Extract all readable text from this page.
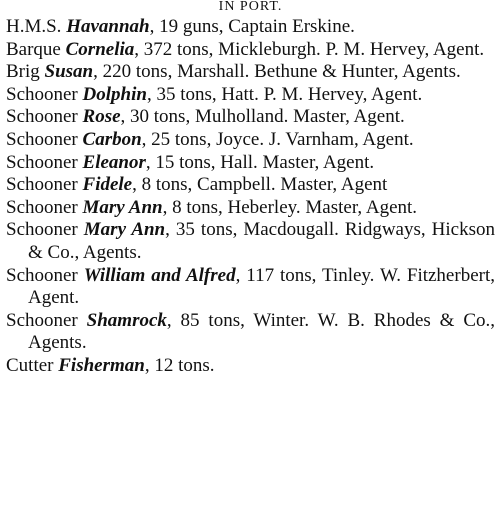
IN PORT.
H.M.S. Havannah, 19 guns, Captain Erskine.
Barque Cornelia, 372 tons, Mickleburgh. P. M. Hervey, Agent.
Brig Susan, 220 tons, Marshall. Bethune & Hunter, Agents.
Schooner Dolphin, 35 tons, Hatt. P. M. Hervey, Agent.
Schooner Rose, 30 tons, Mulholland. Master, Agent.
Schooner Carbon, 25 tons, Joyce. J. Varnham, Agent.
Schooner Eleanor, 15 tons, Hall. Master, Agent.
Schooner Fidele, 8 tons, Campbell. Master, Agent
Schooner Mary Ann, 8 tons, Heberley. Master, Agent.
Schooner Mary Ann, 35 tons, Macdougall. Ridgways, Hickson & Co., Agents.
Schooner William and Alfred, 117 tons, Tinley. W. Fitzherbert, Agent.
Schooner Shamrock, 85 tons, Winter. W. B. Rhodes & Co., Agents.
Cutter Fisherman, 12 tons.
